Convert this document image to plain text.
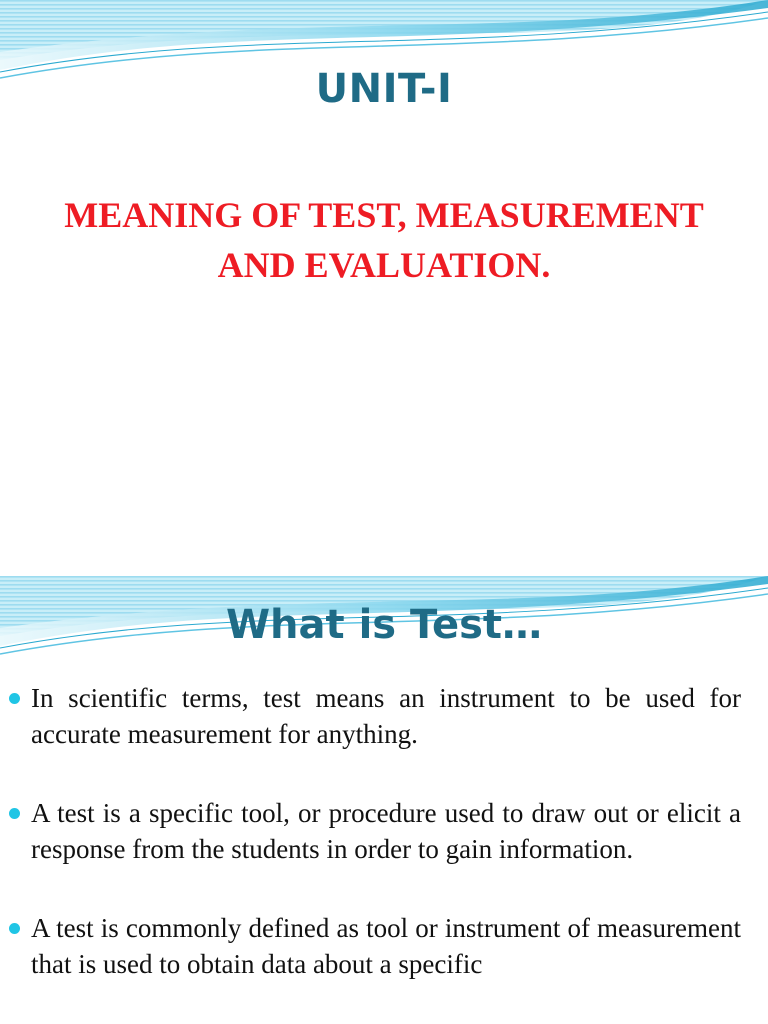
UNIT-I
MEANING OF TEST, MEASUREMENT
AND EVALUATION.
What is Test…
In scientific terms, test means an instrument to be used for accurate measurement for anything.
A test is a specific tool, or procedure used to draw out or elicit a response from the students in order to gain information.
A test is commonly defined as tool or instrument of measurement that is used to obtain data about a specific
